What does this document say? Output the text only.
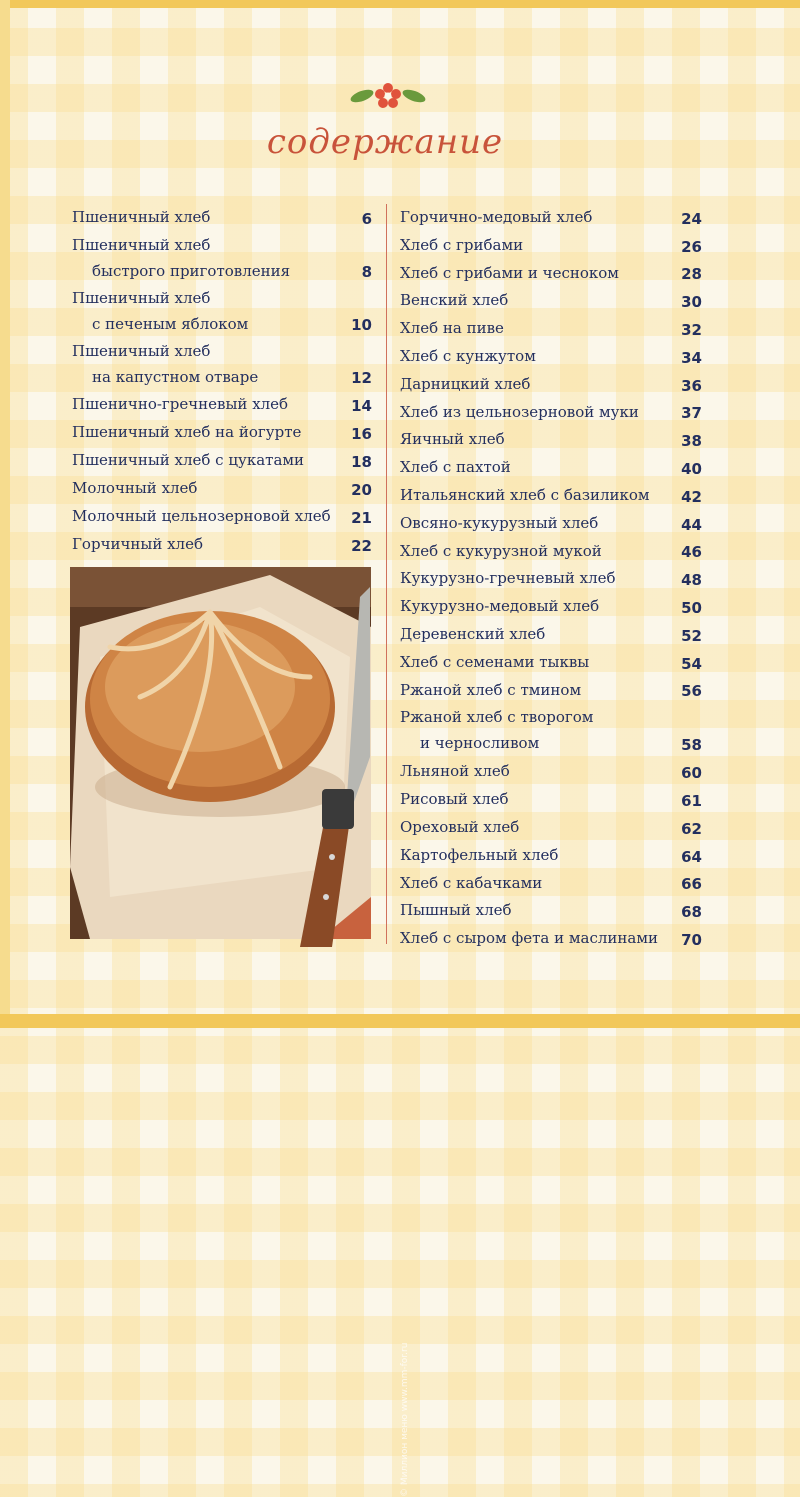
содержание
Пшеничный хлеб	6
Пшеничный хлеб
быстрого приготовления	8
Пшеничный хлеб
с печеным яблоком	10
Пшеничный хлеб
на капустном отваре	12
Пшенично-гречневый хлеб	14
Пшеничный хлеб на йогурте	16
Пшеничный хлеб с цукатами	18
Молочный хлеб	20
Молочный цельнозерновой хлеб	21
Горчичный хлеб	22
Горчично-медовый хлеб	24
Хлеб с грибами	26
Хлеб с грибами и чесноком	28
Венский хлеб	30
Хлеб на пиве	32
Хлеб с кунжутом	34
Дарницкий хлеб	36
Хлеб из цельнозерновой муки	37
Яичный хлеб	38
Хлеб с пахтой	40
Итальянский хлеб с базиликом	42
Овсяно-кукурузный хлеб	44
Хлеб с кукурузной мукой	46
Кукурузно-гречневый хлеб	48
Кукурузно-медовый хлеб	50
Деревенский хлеб	52
Хлеб с семенами тыквы	54
Ржаной хлеб с тмином	56
Ржаной хлеб с творогом
и черносливом	58
Льняной хлеб	60
Рисовый хлеб	61
Ореховый хлеб	62
Картофельный хлеб	64
Хлеб с кабачками	66
Пышный хлеб	68
Хлеб с сыром фета и маслинами	70
© Миллион меню www.mm-for.ru
